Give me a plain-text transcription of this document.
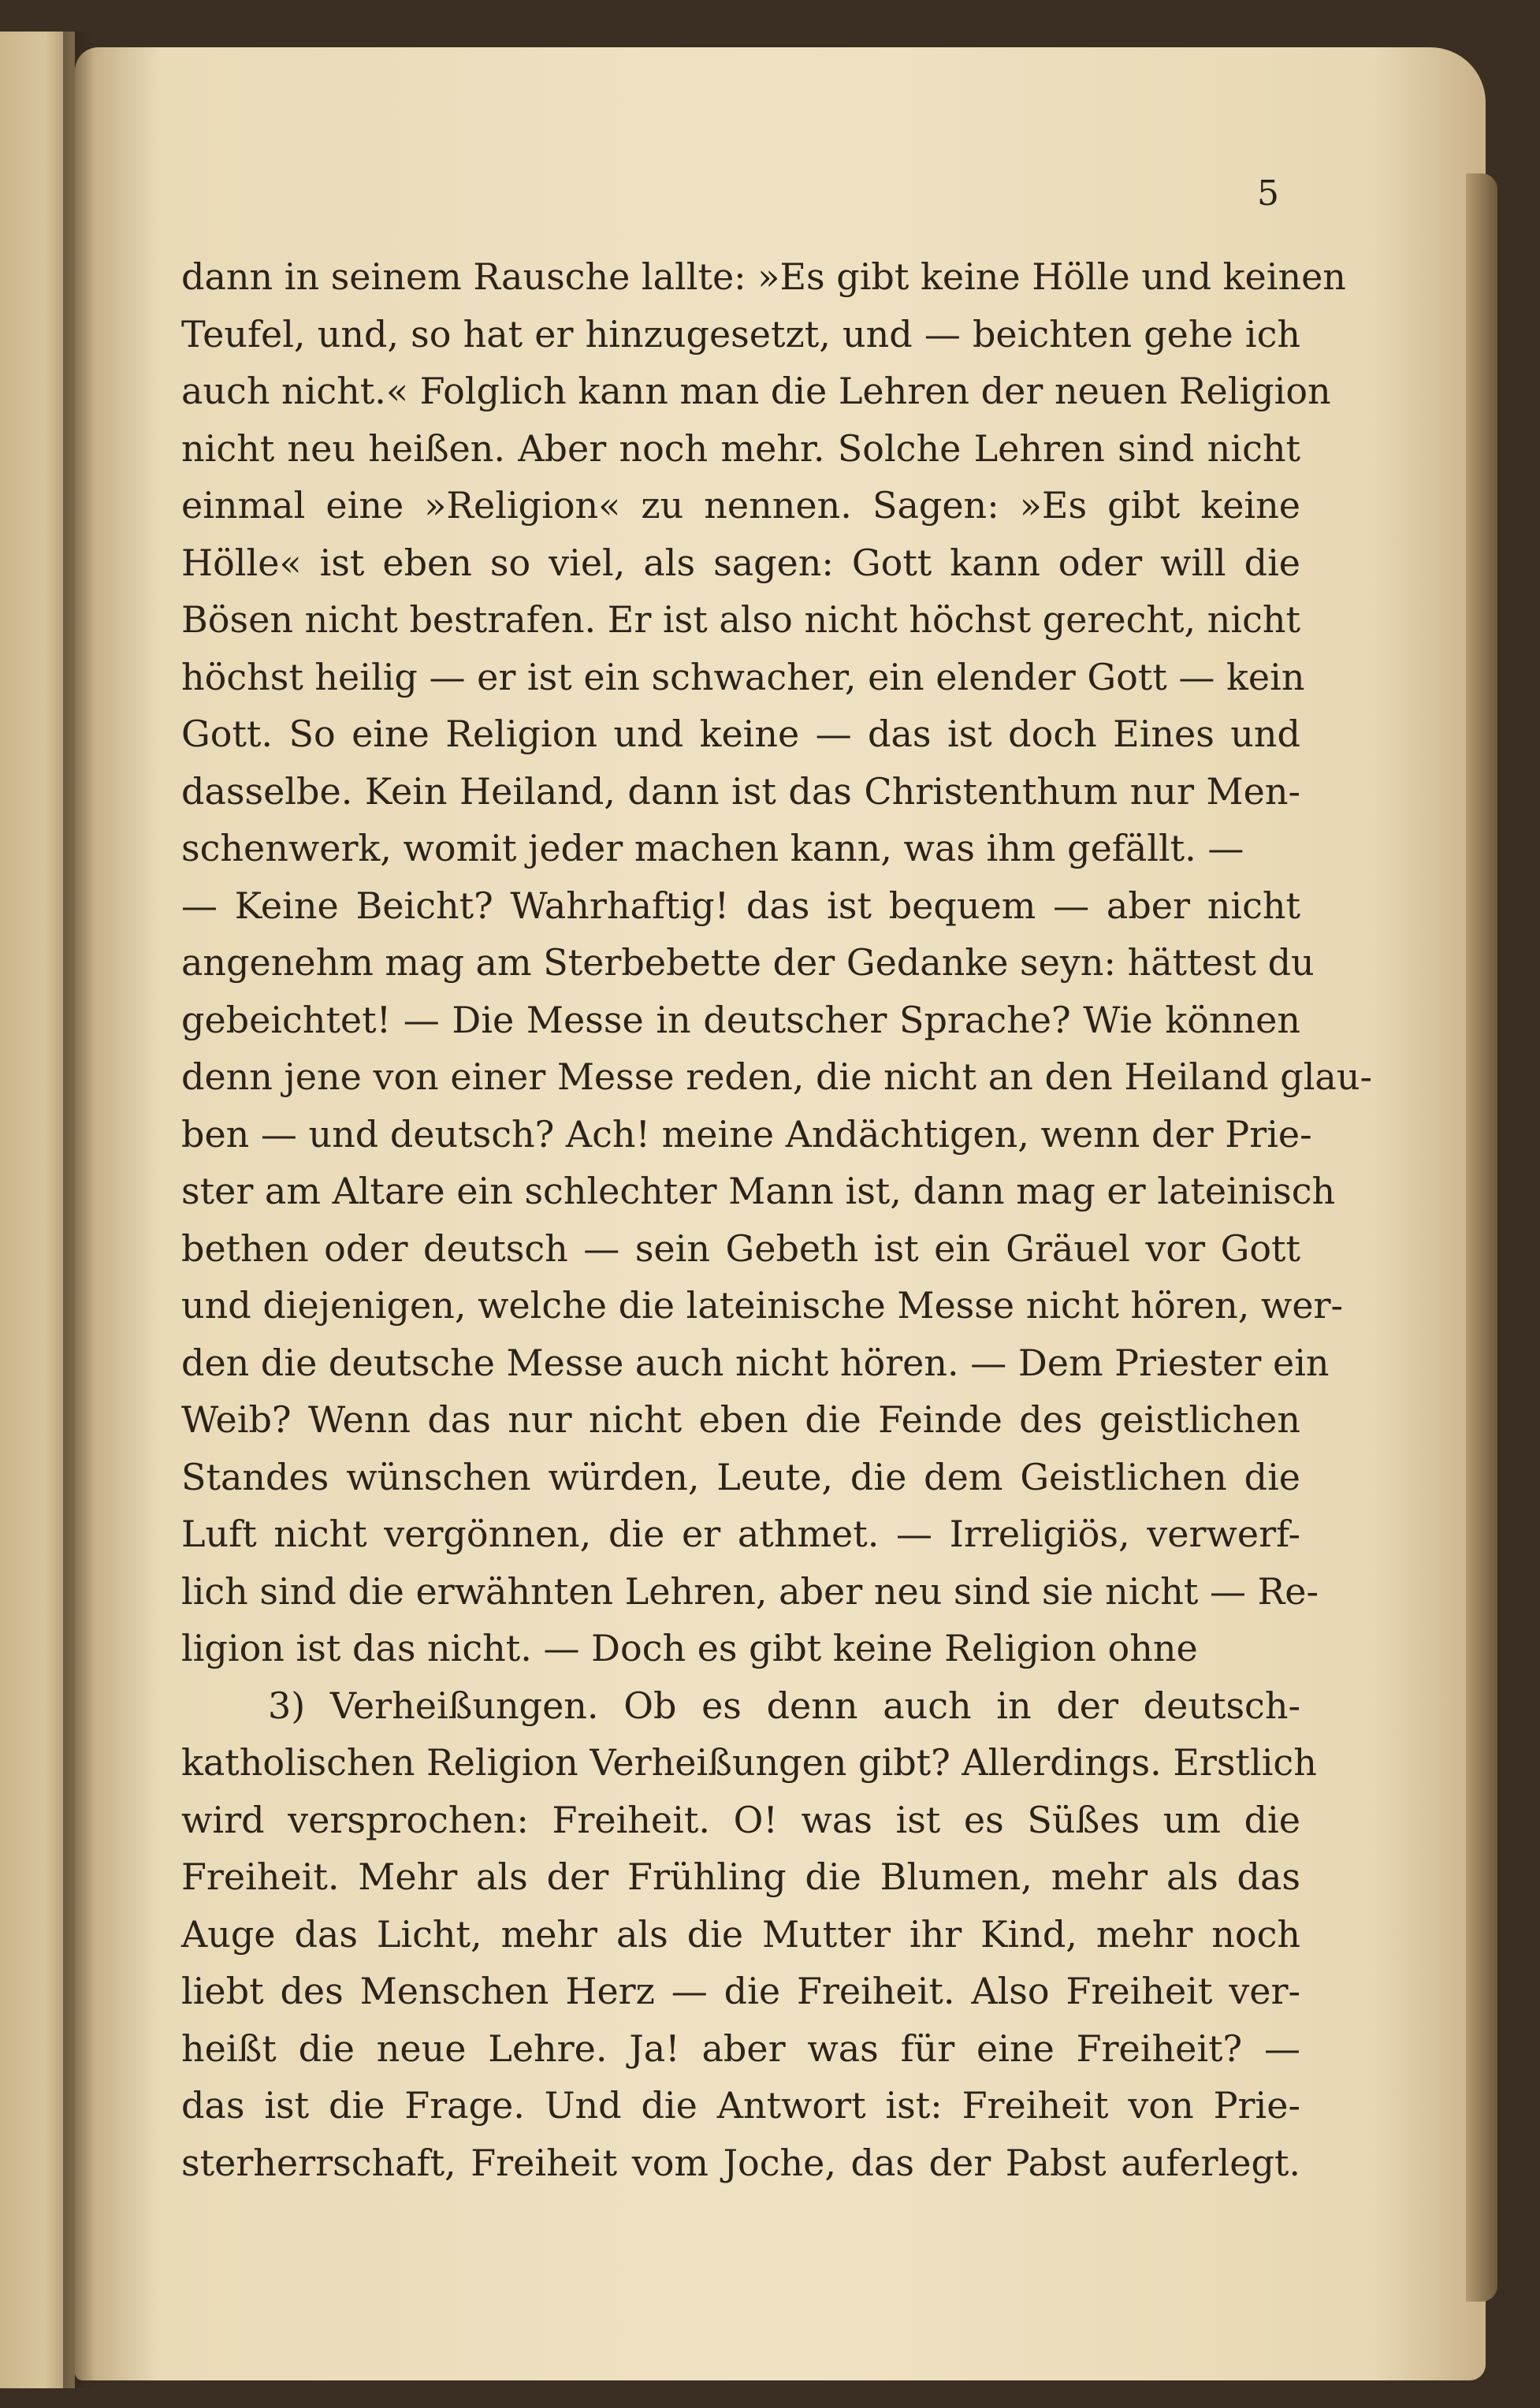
5
dann in seinem Rausche lallte: »Es gibt keine Hölle und keinen
Teufel, und, so hat er hinzugesetzt, und — beichten gehe ich
auch nicht.« Folglich kann man die Lehren der neuen Religion
nicht neu heißen. Aber noch mehr. Solche Lehren sind nicht
einmal eine »Religion« zu nennen. Sagen: »Es gibt keine
Hölle« ist eben so viel, als sagen: Gott kann oder will die
Bösen nicht bestrafen. Er ist also nicht höchst gerecht, nicht
höchst heilig — er ist ein schwacher, ein elender Gott — kein
Gott. So eine Religion und keine — das ist doch Eines und
dasselbe. Kein Heiland, dann ist das Christenthum nur Men-
schenwerk, womit jeder machen kann, was ihm gefällt. —
— Keine Beicht? Wahrhaftig! das ist bequem — aber nicht
angenehm mag am Sterbebette der Gedanke seyn: hättest du
gebeichtet! — Die Messe in deutscher Sprache? Wie können
denn jene von einer Messe reden, die nicht an den Heiland glau-
ben — und deutsch? Ach! meine Andächtigen, wenn der Prie-
ster am Altare ein schlechter Mann ist, dann mag er lateinisch
bethen oder deutsch — sein Gebeth ist ein Gräuel vor Gott
und diejenigen, welche die lateinische Messe nicht hören, wer-
den die deutsche Messe auch nicht hören. — Dem Priester ein
Weib? Wenn das nur nicht eben die Feinde des geistlichen
Standes wünschen würden, Leute, die dem Geistlichen die
Luft nicht vergönnen, die er athmet. — Irreligiös, verwerf-
lich sind die erwähnten Lehren, aber neu sind sie nicht — Re-
ligion ist das nicht. — Doch es gibt keine Religion ohne
3) Verheißungen. Ob es denn auch in der deutsch-
katholischen Religion Verheißungen gibt? Allerdings. Erstlich
wird versprochen: Freiheit. O! was ist es Süßes um die
Freiheit. Mehr als der Frühling die Blumen, mehr als das
Auge das Licht, mehr als die Mutter ihr Kind, mehr noch
liebt des Menschen Herz — die Freiheit. Also Freiheit ver-
heißt die neue Lehre. Ja! aber was für eine Freiheit? —
das ist die Frage. Und die Antwort ist: Freiheit von Prie-
sterherrschaft, Freiheit vom Joche, das der Pabst auferlegt.
